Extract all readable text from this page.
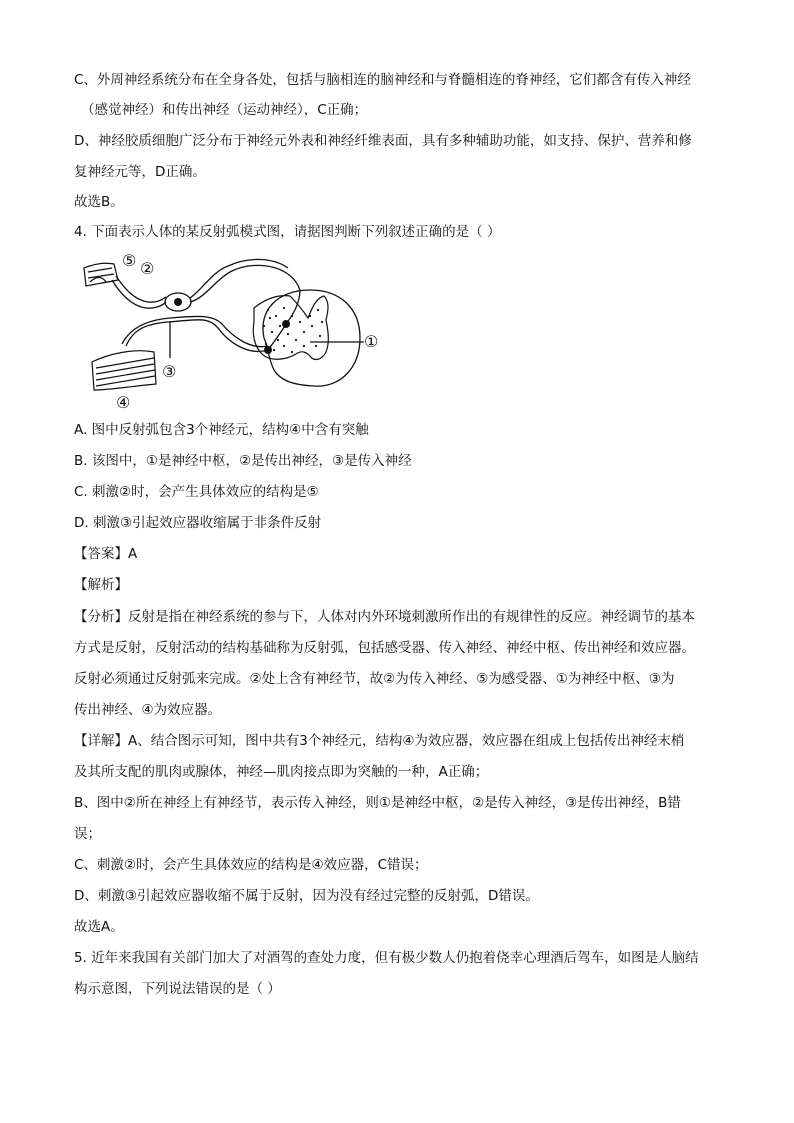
C、外周神经系统分布在全身各处，包括与脑相连的脑神经和与脊髓相连的脊神经，它们都含有传入神经
（感觉神经）和传出神经（运动神经），C正确；
D、神经胶质细胞广泛分布于神经元外表和神经纤维表面，具有多种辅助功能，如支持、保护、营养和修
复神经元等，D正确。
故选B。
4. 下面表示人体的某反射弧模式图，请据图判断下列叙述正确的是（ ）
⑤ ②
①
③
④
A. 图中反射弧包含3个神经元，结构④中含有突触
B. 该图中，①是神经中枢，②是传出神经，③是传入神经
C. 刺激②时，会产生具体效应的结构是⑤
D. 刺激③引起效应器收缩属于非条件反射
【答案】A
【解析】
【分析】反射是指在神经系统的参与下，人体对内外环境刺激所作出的有规律性的反应。神经调节的基本
方式是反射，反射活动的结构基础称为反射弧，包括感受器、传入神经、神经中枢、传出神经和效应器。
反射必须通过反射弧来完成。②处上含有神经节，故②为传入神经、⑤为感受器、①为神经中枢、③为
传出神经、④为效应器。
【详解】A、结合图示可知，图中共有3个神经元，结构④为效应器，效应器在组成上包括传出神经末梢
及其所支配的肌肉或腺体，神经—肌肉接点即为突触的一种，A正确；
B、图中②所在神经上有神经节，表示传入神经，则①是神经中枢，②是传入神经，③是传出神经，B错
误；
C、刺激②时，会产生具体效应的结构是④效应器，C错误；
D、刺激③引起效应器收缩不属于反射，因为没有经过完整的反射弧，D错误。
故选A。
5. 近年来我国有关部门加大了对酒驾的查处力度，但有极少数人仍抱着侥幸心理酒后驾车，如图是人脑结
构示意图，下列说法错误的是（ ）
